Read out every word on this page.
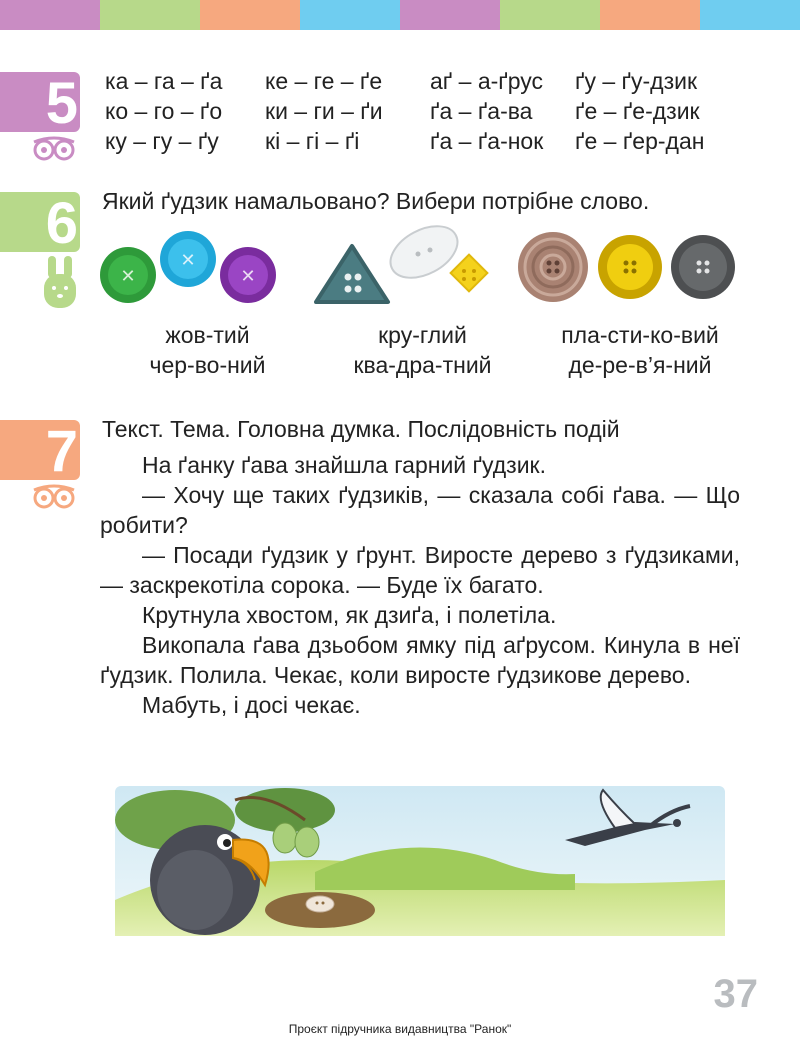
5 ка – га – ґа	ке – ге – ґе	аґ – а-ґрус	ґу – ґу-дзик
ко – го – ґо	ки – ги – ґи	ґа – ґа-ва	ґе – ґе-дзик
ку – гу – ґу	кі – гі – ґі	ґа – ґа-нок	ґе – ґер-дан
6 Який ґудзик намальовано? Вибери потрібне слово.
✕
✕
✕
жов-тий
чер-во-ний
кру-глий
ква-дра-тний
пла-сти-ко-вий
де-ре-в’я-ний
7 Текст. Тема. Головна думка. Послідовність подій

На ґанку ґава знайшла гарний ґудзик.

— Хочу ще таких ґудзиків, — сказала собі ґава. — Що робити?

— Посади ґудзик у ґрунт. Виросте дерево з ґудзиками, — заскрекотіла сорока. — Буде їх багато.

Крутнула хвостом, як дзиґа, і полетіла.

Викопала ґава дзьобом ямку під аґрусом. Кинула в неї ґудзик. Полила. Чекає, коли виросте ґудзикове дерево.

Мабуть, і досі чекає.

37
Проєкт підручника видавництва "Ранок"
